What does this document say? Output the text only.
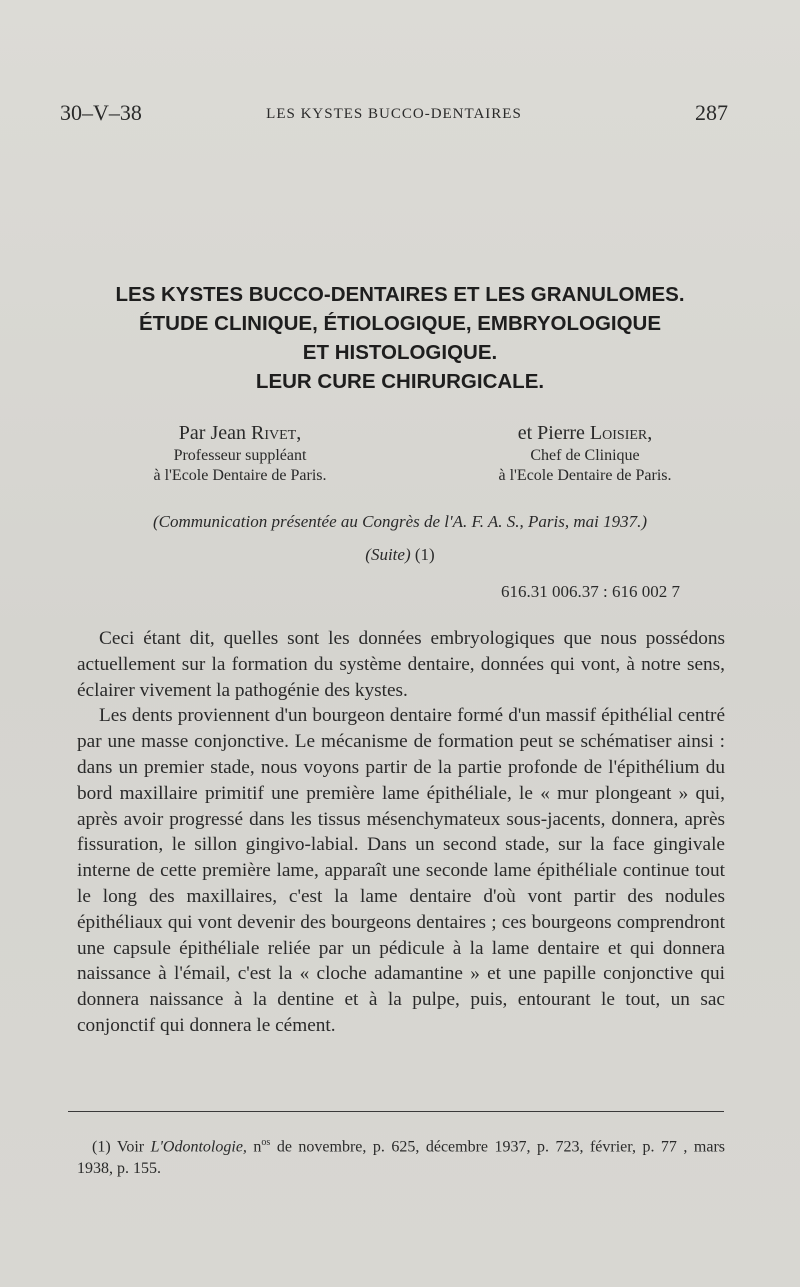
30–V–38	LES KYSTES BUCCO-DENTAIRES	287
LES KYSTES BUCCO-DENTAIRES ET LES GRANULOMES.
ÉTUDE CLINIQUE, ÉTIOLOGIQUE, EMBRYOLOGIQUE
ET HISTOLOGIQUE.
LEUR CURE CHIRURGICALE.
Par Jean Rivet,
Professeur suppléant
à l'Ecole Dentaire de Paris.
et Pierre Loisier,
Chef de Clinique
à l'Ecole Dentaire de Paris.
(Communication présentée au Congrès de l'A. F. A. S., Paris, mai 1937.)
(Suite) (1)
616.31 006.37 : 616 002 7

Ceci étant dit, quelles sont les données embryologiques que nous possédons actuellement sur la formation du système dentaire, données qui vont, à notre sens, éclairer vivement la pathogénie des kystes.

Les dents proviennent d'un bourgeon dentaire formé d'un massif épithélial centré par une masse conjonctive. Le mécanisme de formation peut se schématiser ainsi : dans un premier stade, nous voyons partir de la partie profonde de l'épithélium du bord maxillaire primitif une première lame épithéliale, le « mur plongeant » qui, après avoir progressé dans les tissus mésenchymateux sous-jacents, donnera, après fissuration, le sillon gingivo-labial. Dans un second stade, sur la face gingivale interne de cette première lame, apparaît une seconde lame épithéliale continue tout le long des maxillaires, c'est la lame dentaire d'où vont partir des nodules épithéliaux qui vont devenir des bourgeons dentaires ; ces bourgeons comprendront une capsule épithéliale reliée par un pédicule à la lame dentaire et qui donnera naissance à l'émail, c'est la « cloche adamantine » et une papille conjonctive qui donnera naissance à la dentine et à la pulpe, puis, entourant le tout, un sac conjonctif qui donnera le cément.

(1) Voir L'Odontologie, $n^{os}$ de novembre, p. 625, décembre 1937, p. 723, février, p. 77 , mars 1938, p. 155.
